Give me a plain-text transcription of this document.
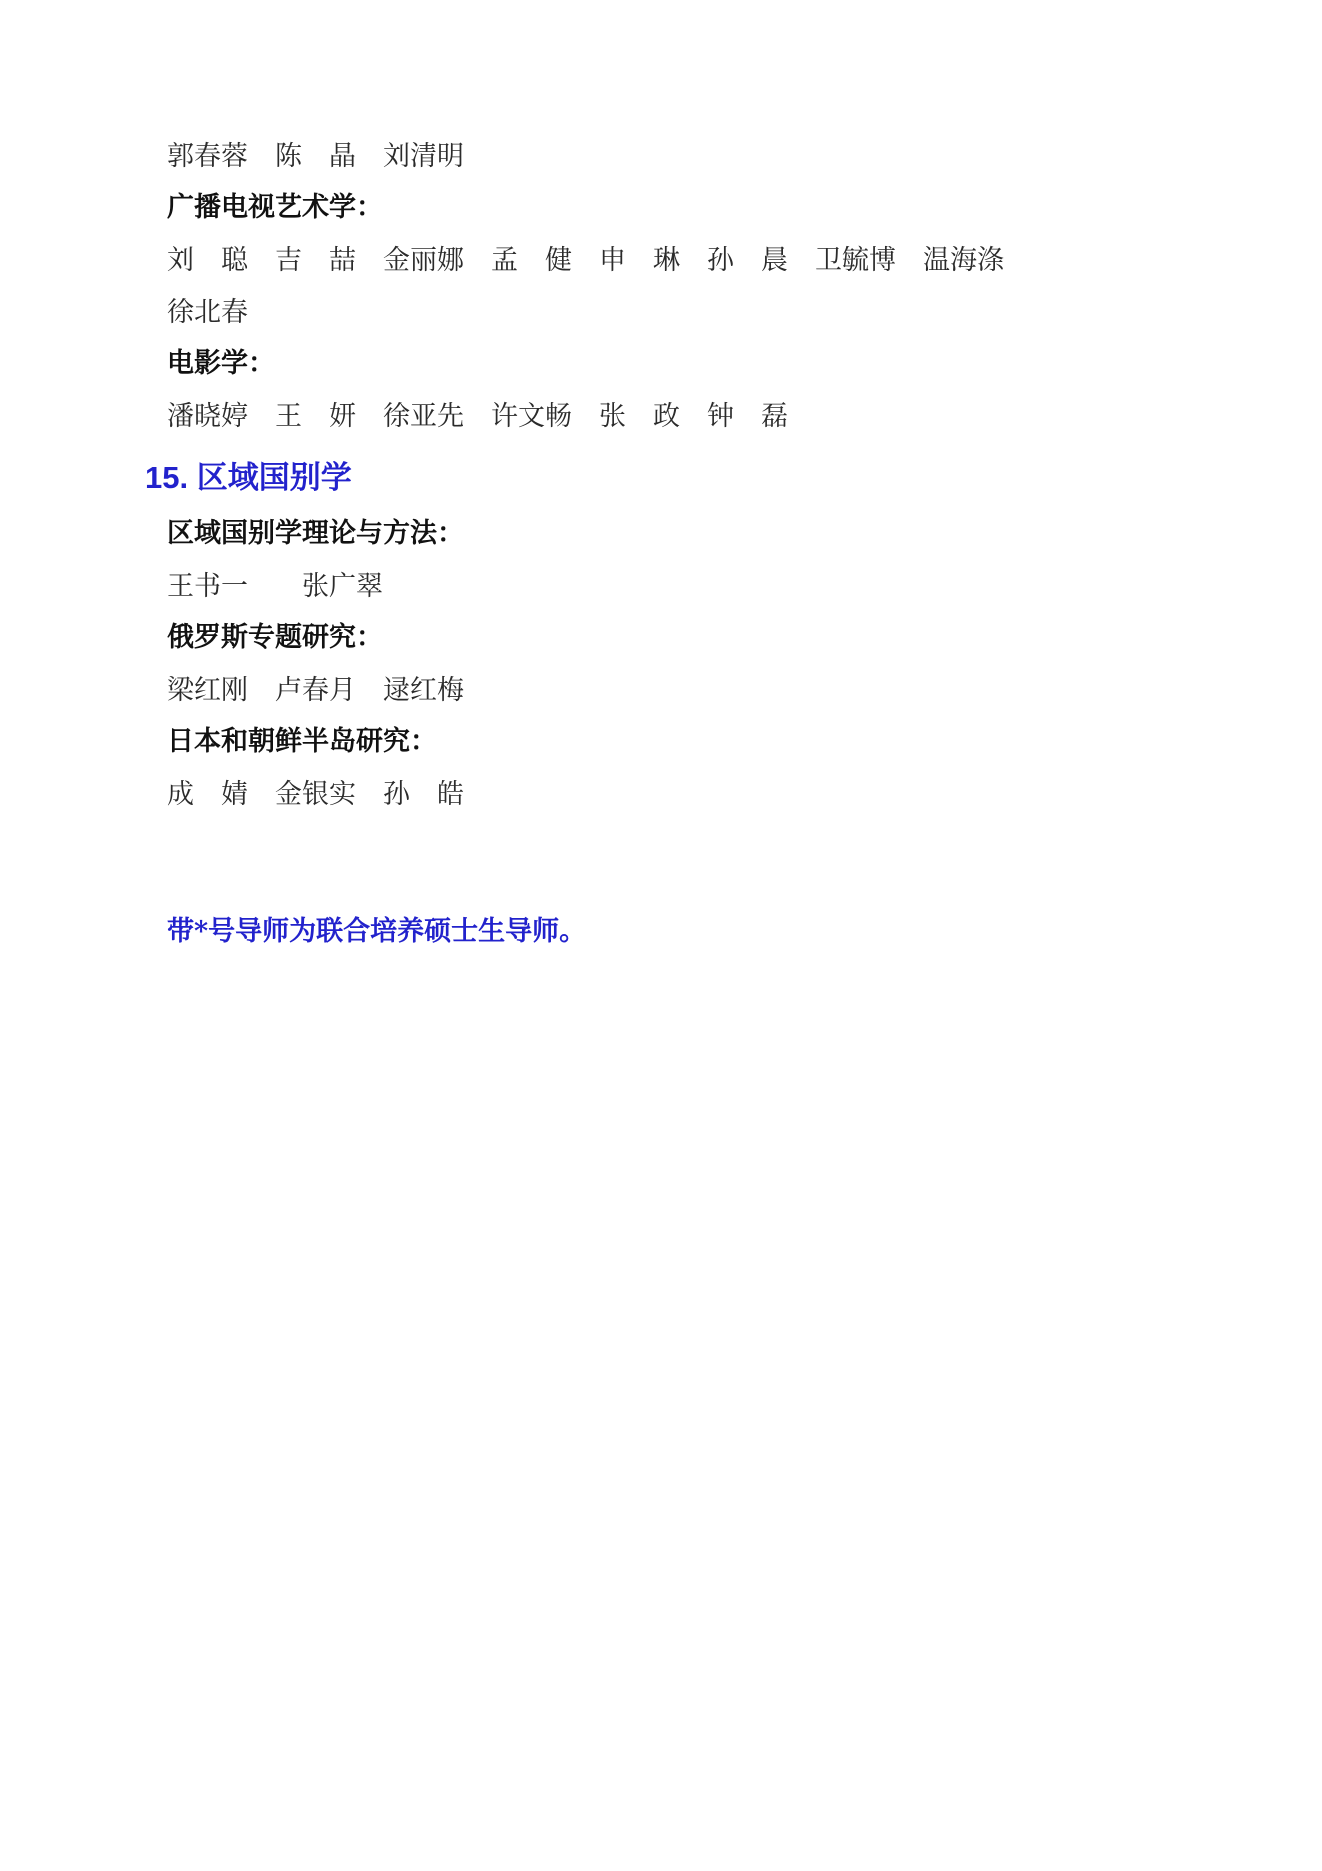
郭春蓉　陈　晶　刘清明

广播电视艺术学：

刘　聪　吉　喆　金丽娜　孟　健　申　琳　孙　晨　卫毓博　温海涤

徐北春

电影学：

潘晓婷　王　妍　徐亚先　许文畅　张　政　钟　磊

15. 区域国别学

区域国别学理论与方法：

王书一　　张广翠

俄罗斯专题研究：

梁红刚　卢春月　逯红梅

日本和朝鲜半岛研究：

成　婧　金银实　孙　皓

带*号导师为联合培养硕士生导师。
